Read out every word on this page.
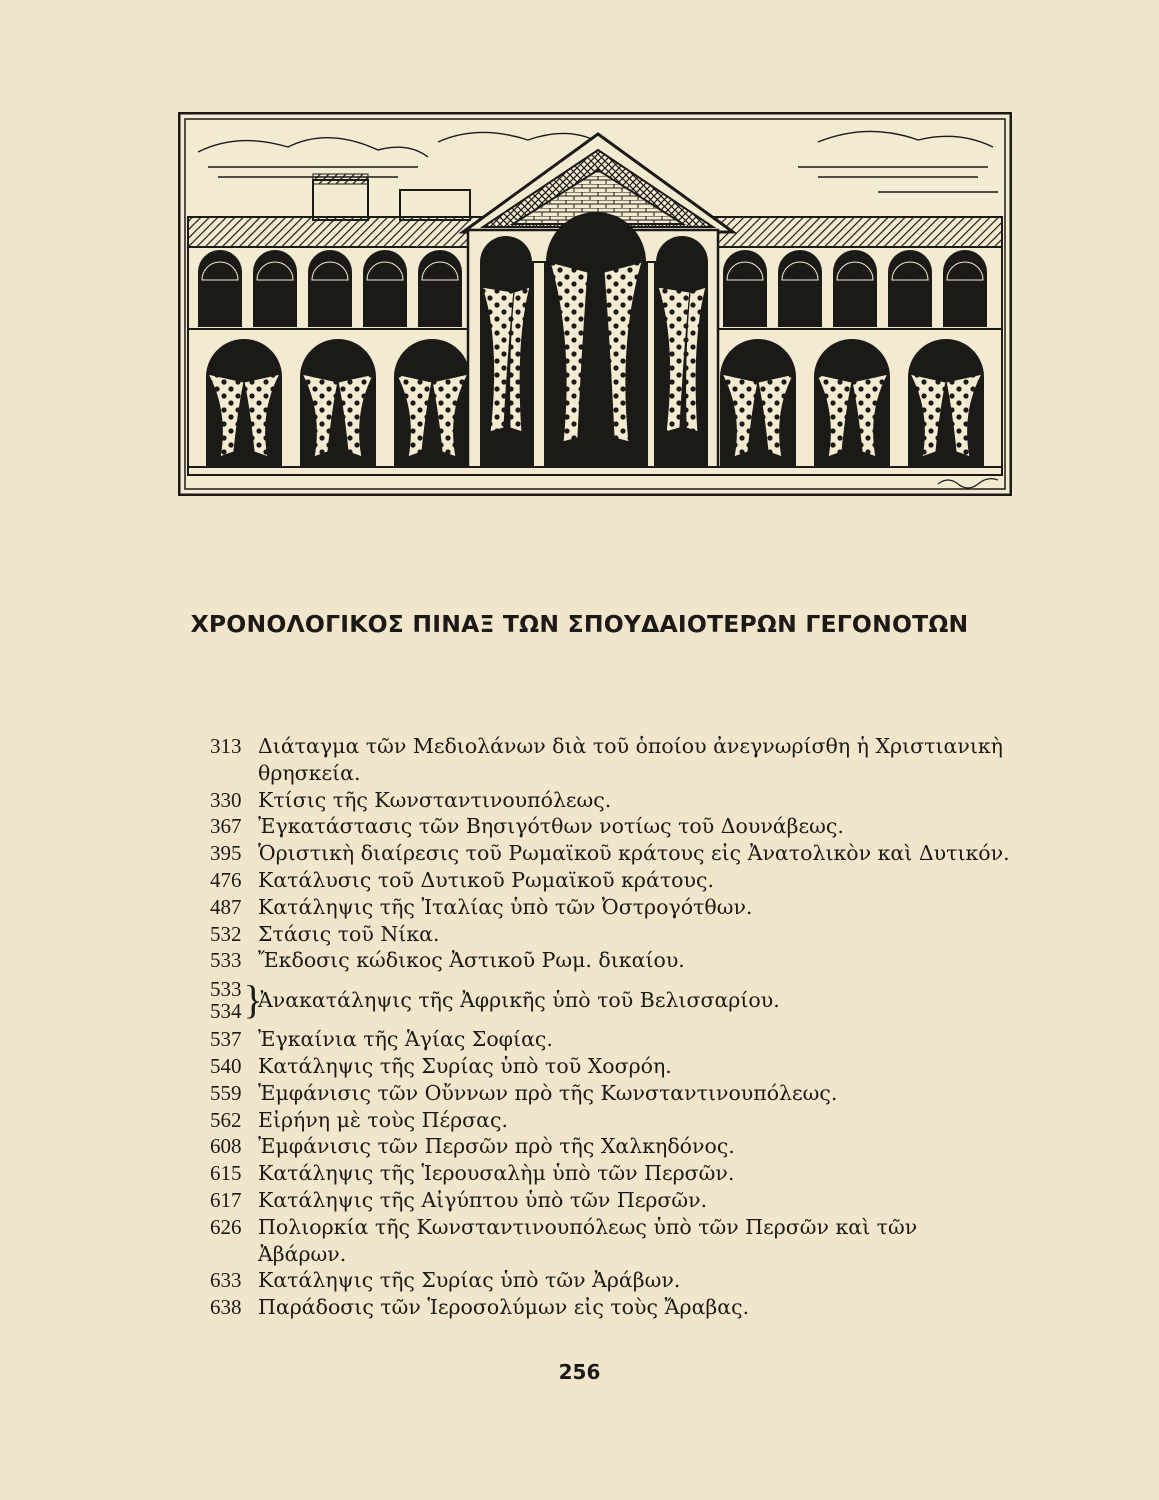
ΧΡΟΝΟΛΟΓΙΚΟΣ ΠΙΝΑΞ ΤΩΝ ΣΠΟΥΔΑΙΟΤΕΡΩΝ ΓΕΓΟΝΟΤΩΝ
313 Διάταγμα τῶν Μεδιολάνων διὰ τοῦ ὁποίου ἀνεγνωρίσθη ἡ Χριστιανικὴ θρησκεία.
330 Κτίσις τῆς Κωνσταντινουπόλεως.
367 Ἐγκατάστασις τῶν Βησιγότθων νοτίως τοῦ Δουνάβεως.
395 Ὁριστικὴ διαίρεσις τοῦ Ρωμαϊκοῦ κράτους εἰς Ἀνατολικὸν καὶ Δυτικόν.
476 Κατάλυσις τοῦ Δυτικοῦ Ρωμαϊκοῦ κράτους.
487 Κατάληψις τῆς Ἰταλίας ὑπὸ τῶν Ὀστρογότθων.
532 Στάσις τοῦ Νίκα.
533 Ἔκδοσις κώδικος Ἀστικοῦ Ρωμ. δικαίου.
533
534 }
Ἀνακατάληψις τῆς Ἀφρικῆς ὑπὸ τοῦ Βελισσαρίου.
537 Ἐγκαίνια τῆς Ἁγίας Σοφίας.
540 Κατάληψις τῆς Συρίας ὑπὸ τοῦ Χοσρόη.
559 Ἐμφάνισις τῶν Οὔννων πρὸ τῆς Κωνσταντινουπόλεως.
562 Εἰρήνη μὲ τοὺς Πέρσας.
608 Ἐμφάνισις τῶν Περσῶν πρὸ τῆς Χαλκηδόνος.
615 Κατάληψις τῆς Ἱερουσαλὴμ ὑπὸ τῶν Περσῶν.
617 Κατάληψις τῆς Αἰγύπτου ὑπὸ τῶν Περσῶν.
626 Πολιορκία τῆς Κωνσταντινουπόλεως ὑπὸ τῶν Περσῶν καὶ τῶν Ἀβάρων.
633 Κατάληψις τῆς Συρίας ὑπὸ τῶν Ἀράβων.
638 Παράδοσις τῶν Ἱεροσολύμων εἰς τοὺς Ἄραβας.
256
